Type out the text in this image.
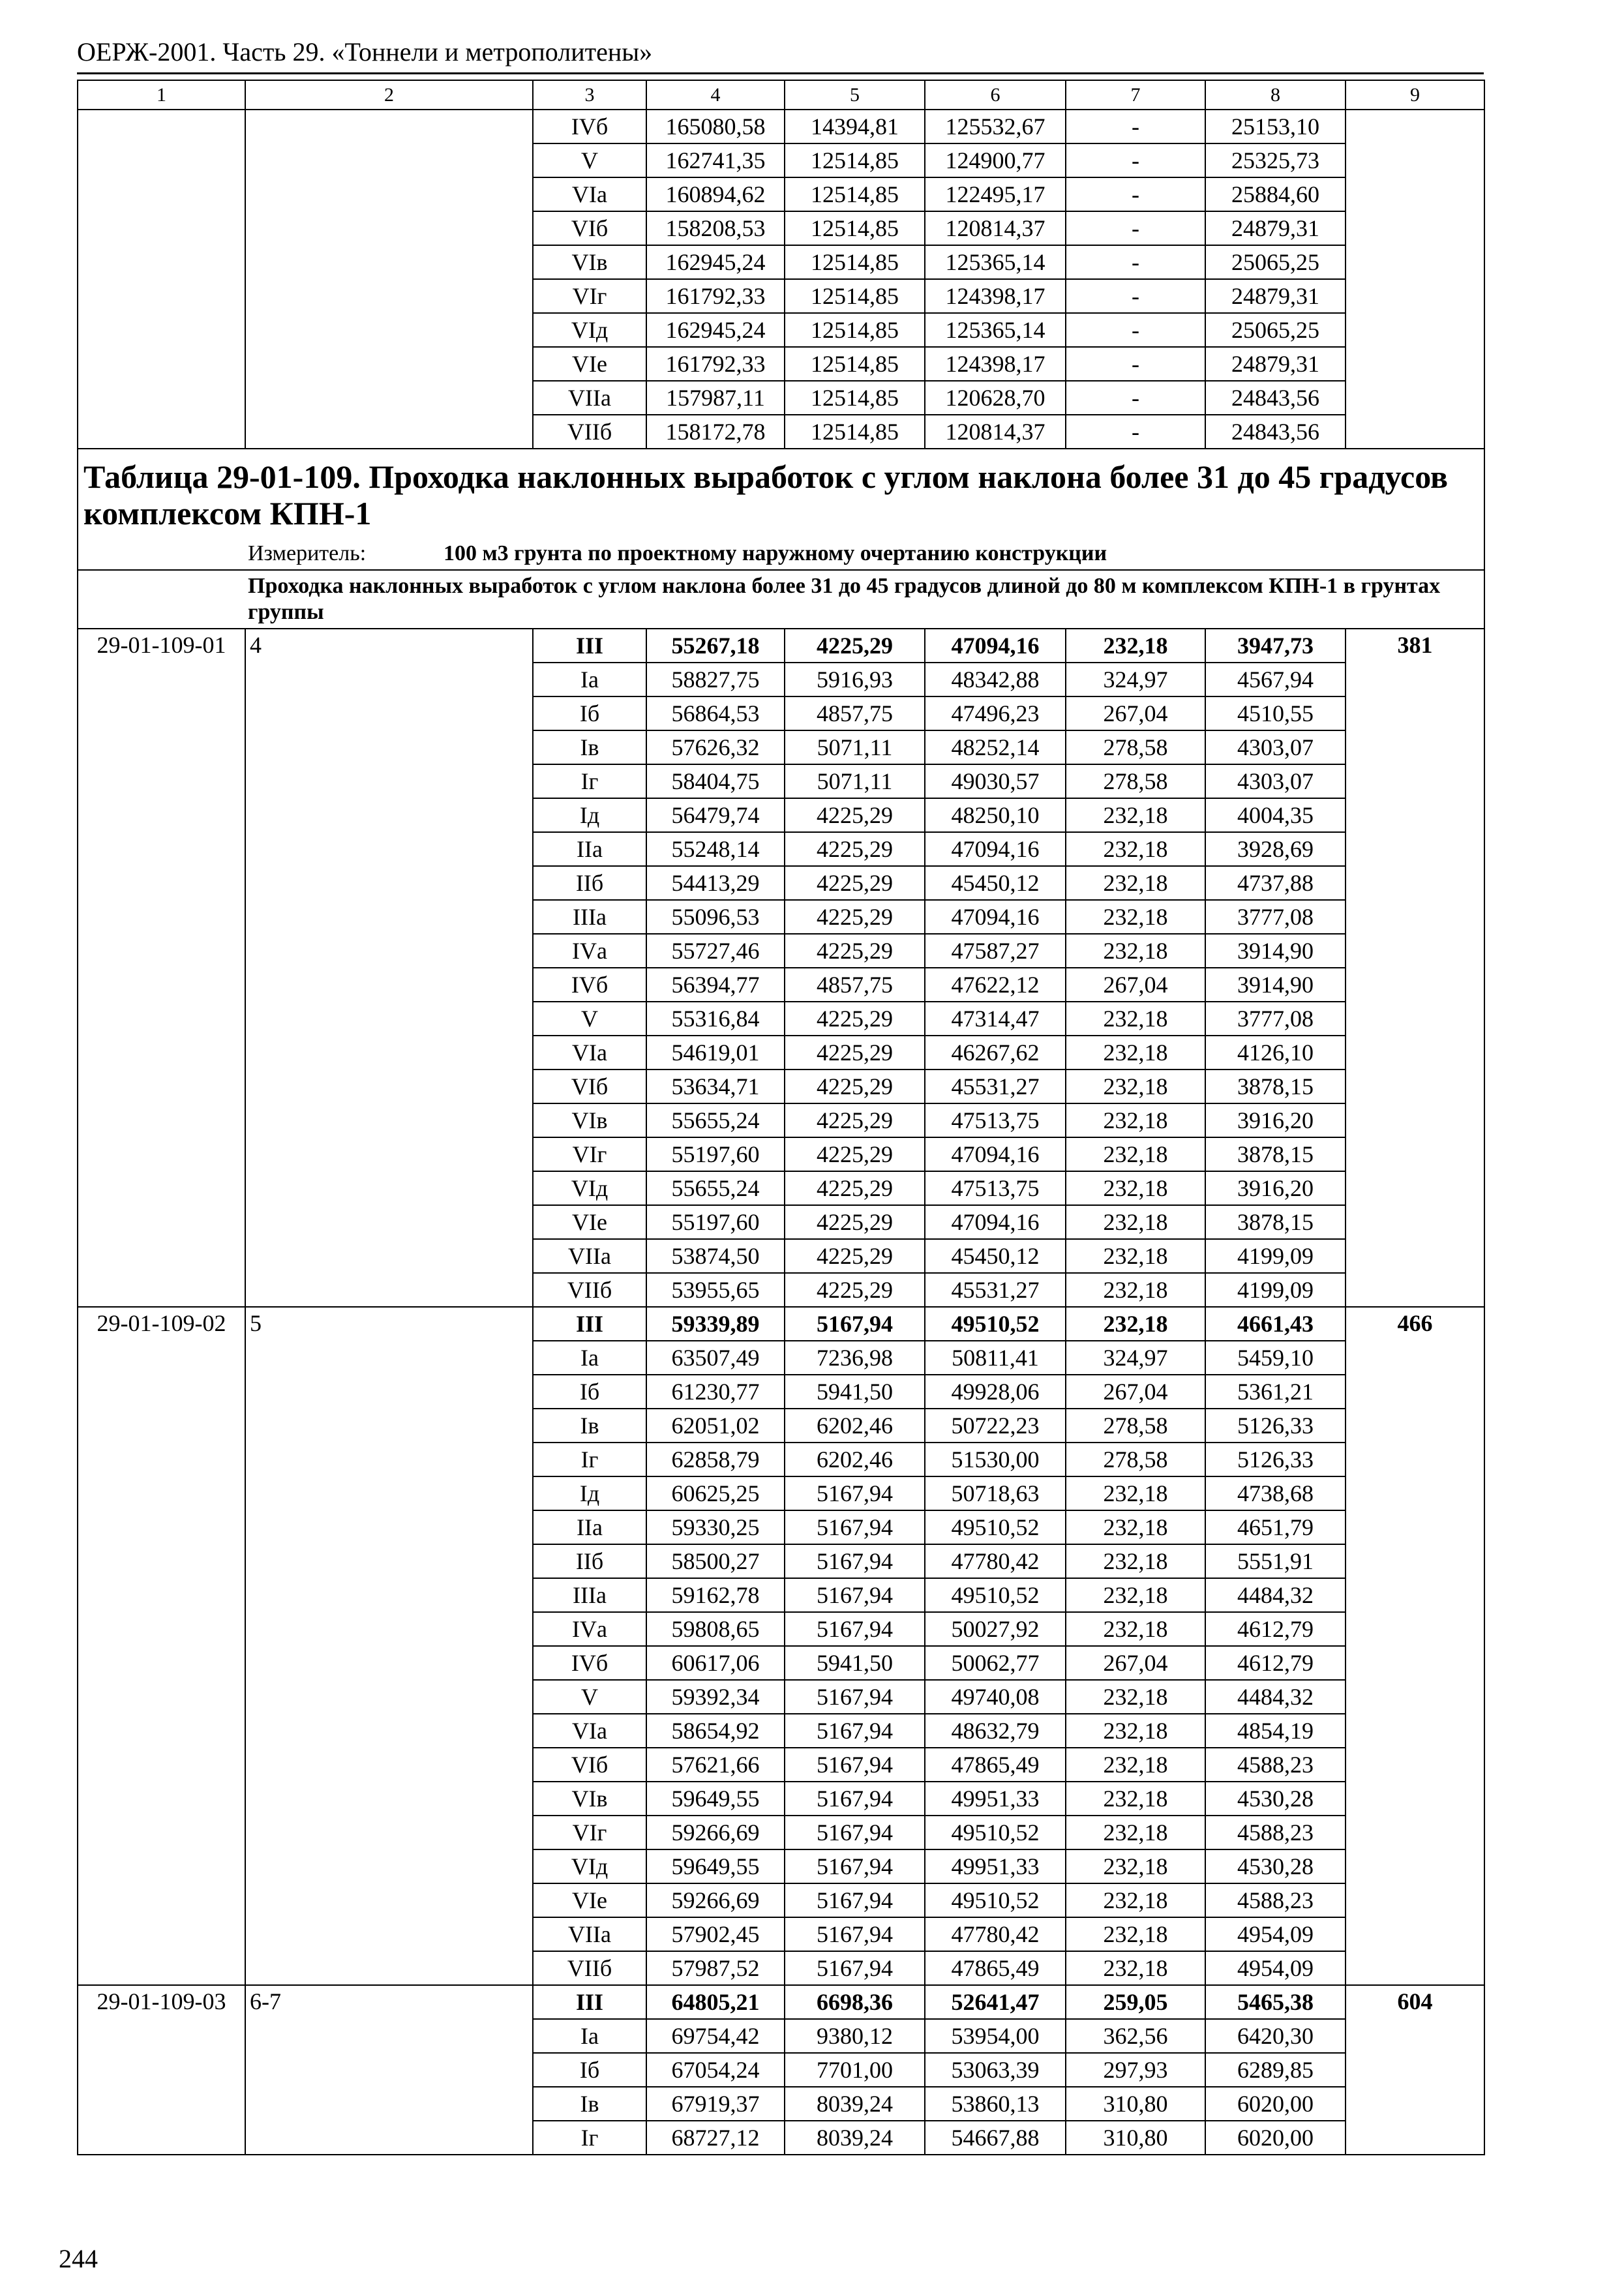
ОЕРЖ-2001. Часть 29. «Тоннели и метрополитены»
1	2	3	4	5	6	7	8	9
		IVб	165080,58	14394,81	125532,67	-	25153,10	
		V	162741,35	12514,85	124900,77	-	25325,73	
		VIа	160894,62	12514,85	122495,17	-	25884,60	
		VIб	158208,53	12514,85	120814,37	-	24879,31	
		VIв	162945,24	12514,85	125365,14	-	25065,25	
		VIг	161792,33	12514,85	124398,17	-	24879,31	
		VIд	162945,24	12514,85	125365,14	-	25065,25	
		VIе	161792,33	12514,85	124398,17	-	24879,31	
		VIIа	157987,11	12514,85	120628,70	-	24843,56	
		VIIб	158172,78	12514,85	120814,37	-	24843,56	
Таблица 29-01-109. Проходка наклонных выработок с углом наклона более 31 до 45 градусов комплексом КПН-1								
Измеритель: 100 м3 грунта по проектному наружному очертанию конструкции								
Проходка наклонных выработок с углом наклона более 31 до 45 градусов длиной до 80 м комплексом КПН-1 в грунтах группы								
29-01-109-01	4	III	55267,18	4225,29	47094,16	232,18	3947,73	381
		Iа	58827,75	5916,93	48342,88	324,97	4567,94	
		Iб	56864,53	4857,75	47496,23	267,04	4510,55	
		Iв	57626,32	5071,11	48252,14	278,58	4303,07	
		Iг	58404,75	5071,11	49030,57	278,58	4303,07	
		Iд	56479,74	4225,29	48250,10	232,18	4004,35	
		IIа	55248,14	4225,29	47094,16	232,18	3928,69	
		IIб	54413,29	4225,29	45450,12	232,18	4737,88	
		IIIа	55096,53	4225,29	47094,16	232,18	3777,08	
		IVа	55727,46	4225,29	47587,27	232,18	3914,90	
		IVб	56394,77	4857,75	47622,12	267,04	3914,90	
		V	55316,84	4225,29	47314,47	232,18	3777,08	
		VIа	54619,01	4225,29	46267,62	232,18	4126,10	
		VIб	53634,71	4225,29	45531,27	232,18	3878,15	
		VIв	55655,24	4225,29	47513,75	232,18	3916,20	
		VIг	55197,60	4225,29	47094,16	232,18	3878,15	
		VIд	55655,24	4225,29	47513,75	232,18	3916,20	
		VIе	55197,60	4225,29	47094,16	232,18	3878,15	
		VIIа	53874,50	4225,29	45450,12	232,18	4199,09	
		VIIб	53955,65	4225,29	45531,27	232,18	4199,09	
29-01-109-02	5	III	59339,89	5167,94	49510,52	232,18	4661,43	466
		Iа	63507,49	7236,98	50811,41	324,97	5459,10	
		Iб	61230,77	5941,50	49928,06	267,04	5361,21	
		Iв	62051,02	6202,46	50722,23	278,58	5126,33	
		Iг	62858,79	6202,46	51530,00	278,58	5126,33	
		Iд	60625,25	5167,94	50718,63	232,18	4738,68	
		IIа	59330,25	5167,94	49510,52	232,18	4651,79	
		IIб	58500,27	5167,94	47780,42	232,18	5551,91	
		IIIа	59162,78	5167,94	49510,52	232,18	4484,32	
		IVа	59808,65	5167,94	50027,92	232,18	4612,79	
		IVб	60617,06	5941,50	50062,77	267,04	4612,79	
		V	59392,34	5167,94	49740,08	232,18	4484,32	
		VIа	58654,92	5167,94	48632,79	232,18	4854,19	
		VIб	57621,66	5167,94	47865,49	232,18	4588,23	
		VIв	59649,55	5167,94	49951,33	232,18	4530,28	
		VIг	59266,69	5167,94	49510,52	232,18	4588,23	
		VIд	59649,55	5167,94	49951,33	232,18	4530,28	
		VIе	59266,69	5167,94	49510,52	232,18	4588,23	
		VIIа	57902,45	5167,94	47780,42	232,18	4954,09	
		VIIб	57987,52	5167,94	47865,49	232,18	4954,09	
29-01-109-03	6-7	III	64805,21	6698,36	52641,47	259,05	5465,38	604
		Iа	69754,42	9380,12	53954,00	362,56	6420,30	
		Iб	67054,24	7701,00	53063,39	297,93	6289,85	
		Iв	67919,37	8039,24	53860,13	310,80	6020,00	
		Iг	68727,12	8039,24	54667,88	310,80	6020,00	
244
